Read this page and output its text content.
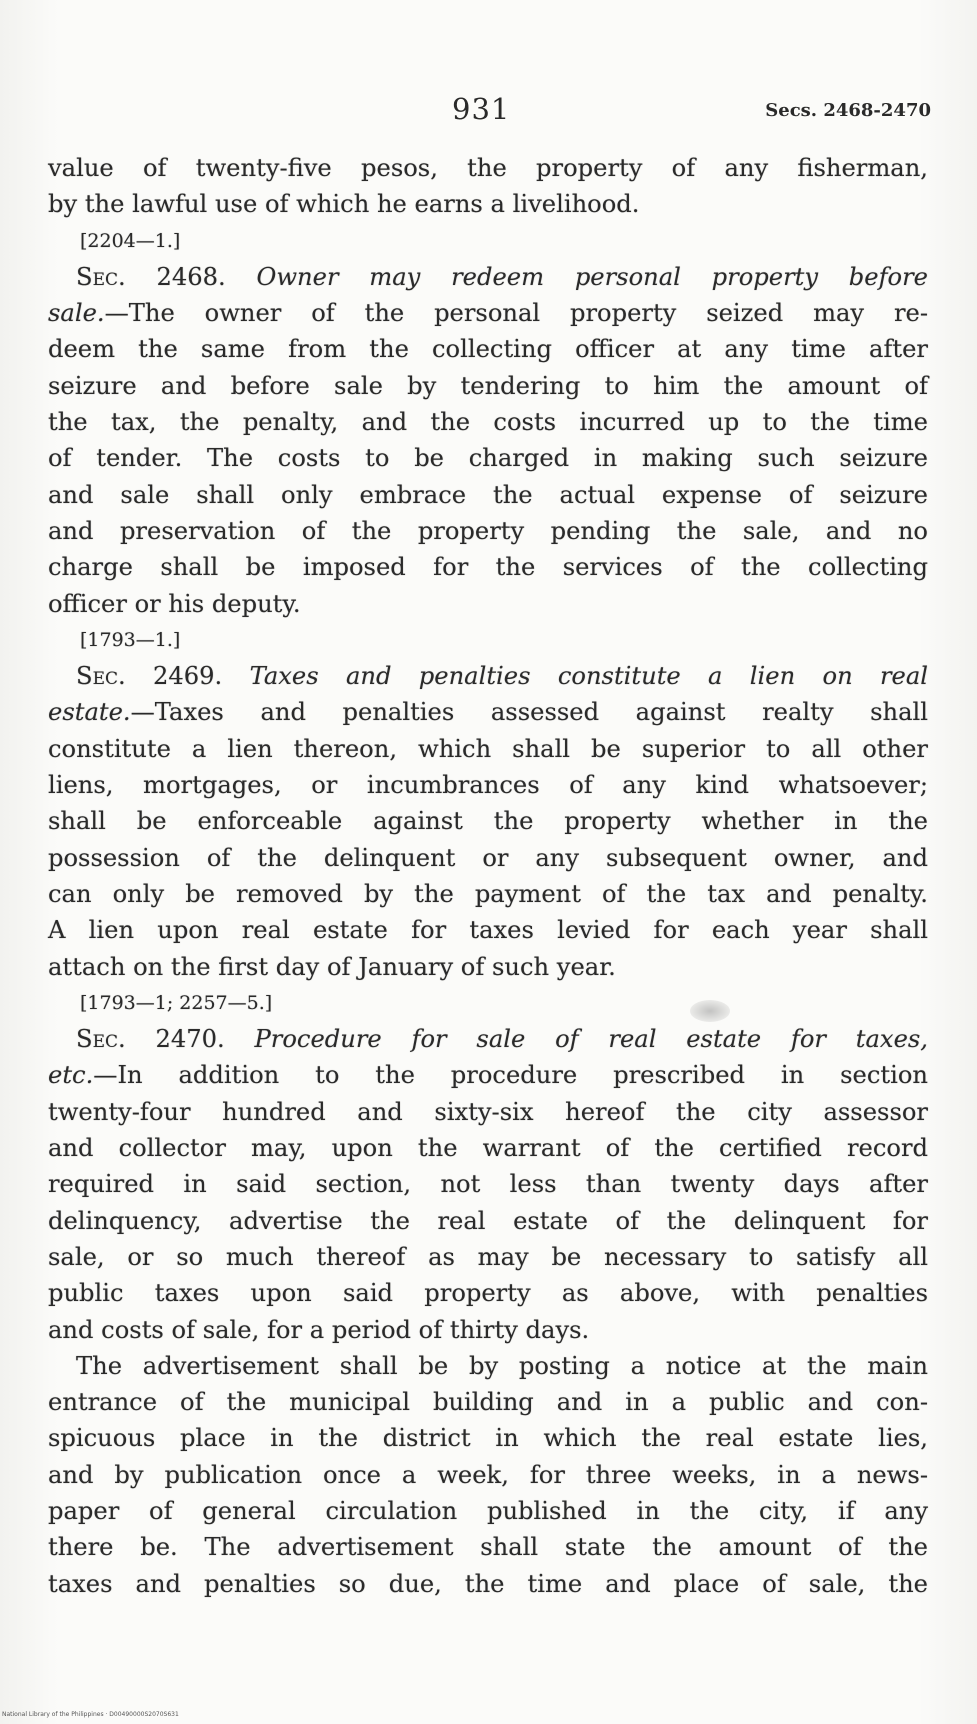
931	Secs. 2468-2470
value of twenty-five pesos, the property of any fisherman,
by the lawful use of which he earns a livelihood.
[2204—1.]
Sec. 2468. Owner may redeem personal property before
sale.—The owner of the personal property seized may re-
deem the same from the collecting officer at any time after
seizure and before sale by tendering to him the amount of
the tax, the penalty, and the costs incurred up to the time
of tender. The costs to be charged in making such seizure
and sale shall only embrace the actual expense of seizure
and preservation of the property pending the sale, and no
charge shall be imposed for the services of the collecting
officer or his deputy.
[1793—1.]
Sec. 2469. Taxes and penalties constitute a lien on real
estate.—Taxes and penalties assessed against realty shall
constitute a lien thereon, which shall be superior to all other
liens, mortgages, or incumbrances of any kind whatsoever;
shall be enforceable against the property whether in the
possession of the delinquent or any subsequent owner, and
can only be removed by the payment of the tax and penalty.
A lien upon real estate for taxes levied for each year shall
attach on the first day of January of such year.
[1793—1; 2257—5.]
Sec. 2470. Procedure for sale of real estate for taxes,
etc.—In addition to the procedure prescribed in section
twenty-four hundred and sixty-six hereof the city assessor
and collector may, upon the warrant of the certified record
required in said section, not less than twenty days after
delinquency, advertise the real estate of the delinquent for
sale, or so much thereof as may be necessary to satisfy all
public taxes upon said property as above, with penalties
and costs of sale, for a period of thirty days.
The advertisement shall be by posting a notice at the main
entrance of the municipal building and in a public and con-
spicuous place in the district in which the real estate lies,
and by publication once a week, for three weeks, in a news-
paper of general circulation published in the city, if any
there be. The advertisement shall state the amount of the
taxes and penalties so due, the time and place of sale, the
National Library of the Philippines · D00490000S2070S631
